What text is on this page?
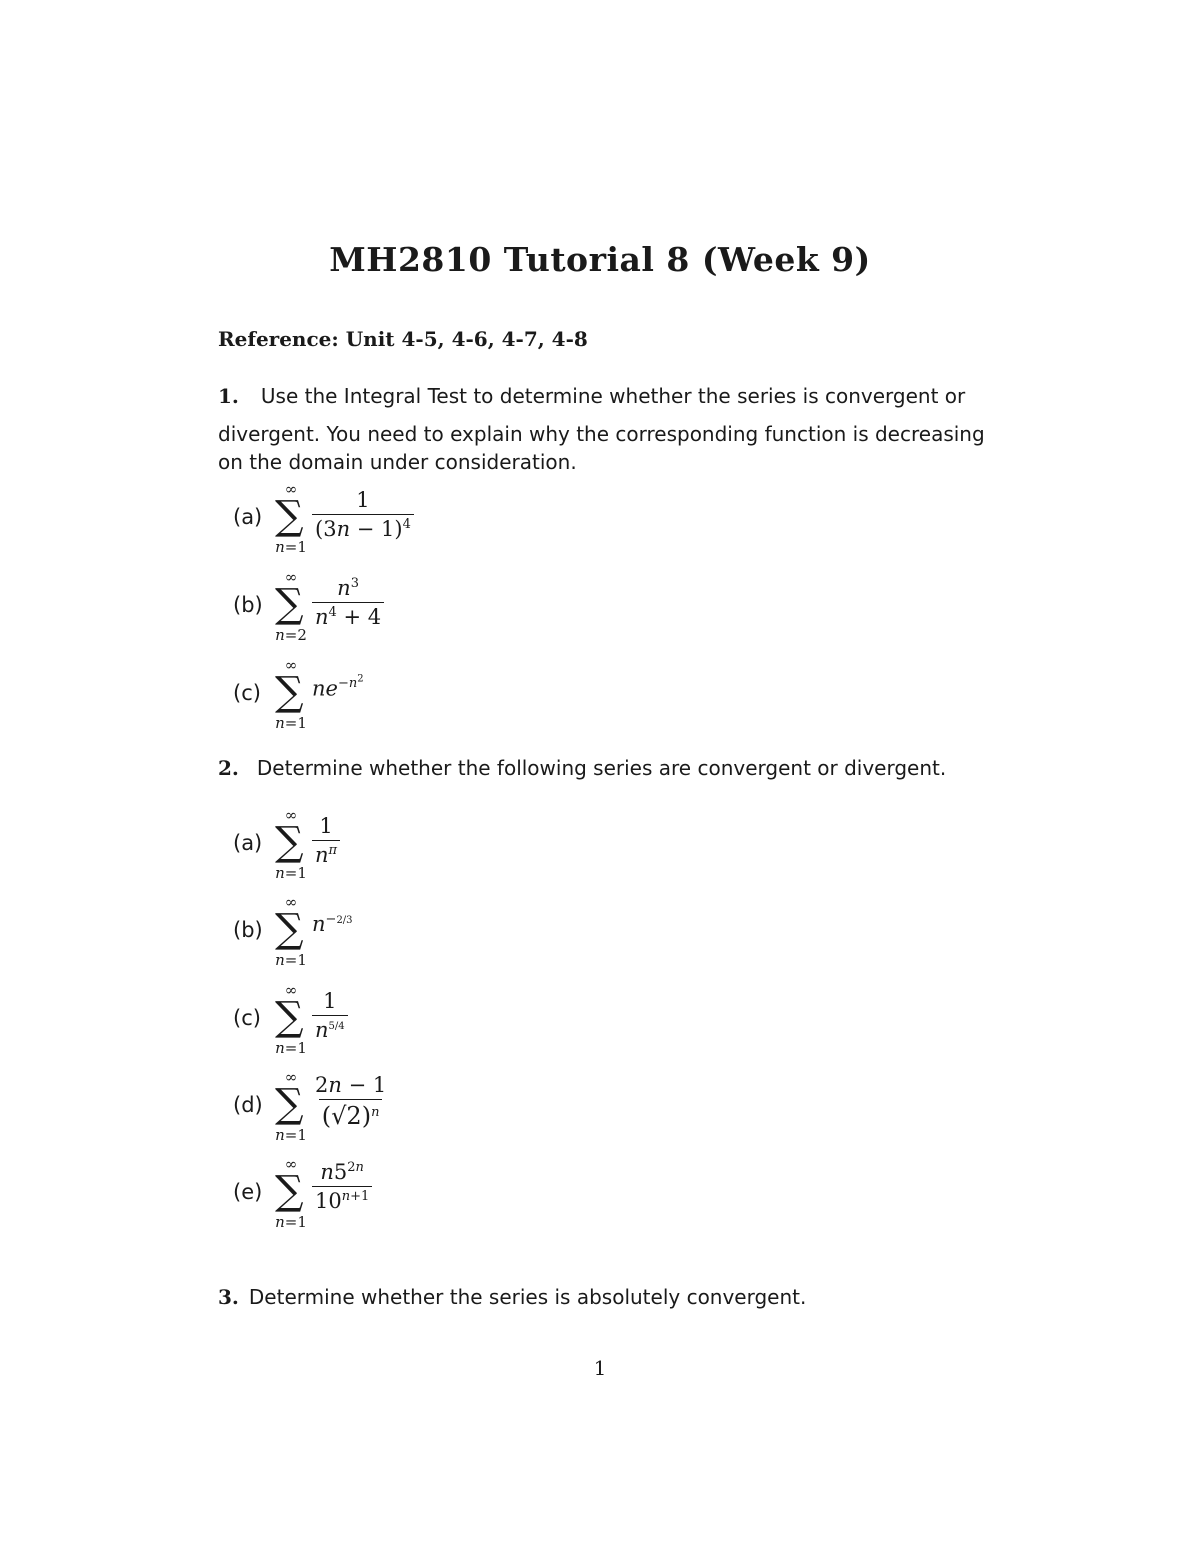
MH2810 Tutorial 8 (Week 9)
Reference: Unit 4-5, 4-6, 4-7, 4-8
1. Use the Integral Test to determine whether the series is convergent or
divergent. You need to explain why the corresponding function is decreasing
on the domain under consideration.
(a)
∞
∑
n=1
$\frac{1}{(3n - 1)^4}$
(b)
∞
∑
n=2
$\frac{n^3}{n^4 + 4}$
(c)
∞
∑
n=1
$ne^{-n^2}$
2. Determine whether the following series are convergent or divergent.
(a)
∞
∑
n=1
$\frac{1}{n^\pi}$
(b)
∞
∑
n=1
$n^{-2/3}$
(c)
∞
∑
n=1
$\frac{1}{n^{5/4}}$
(d)
∞
∑
n=1
$\frac{2n - 1}{(√2)^n}$
(e)
∞
∑
n=1
$\frac{n5^{2n}}{10^{n+1}}$
3. Determine whether the series is absolutely convergent.
1
